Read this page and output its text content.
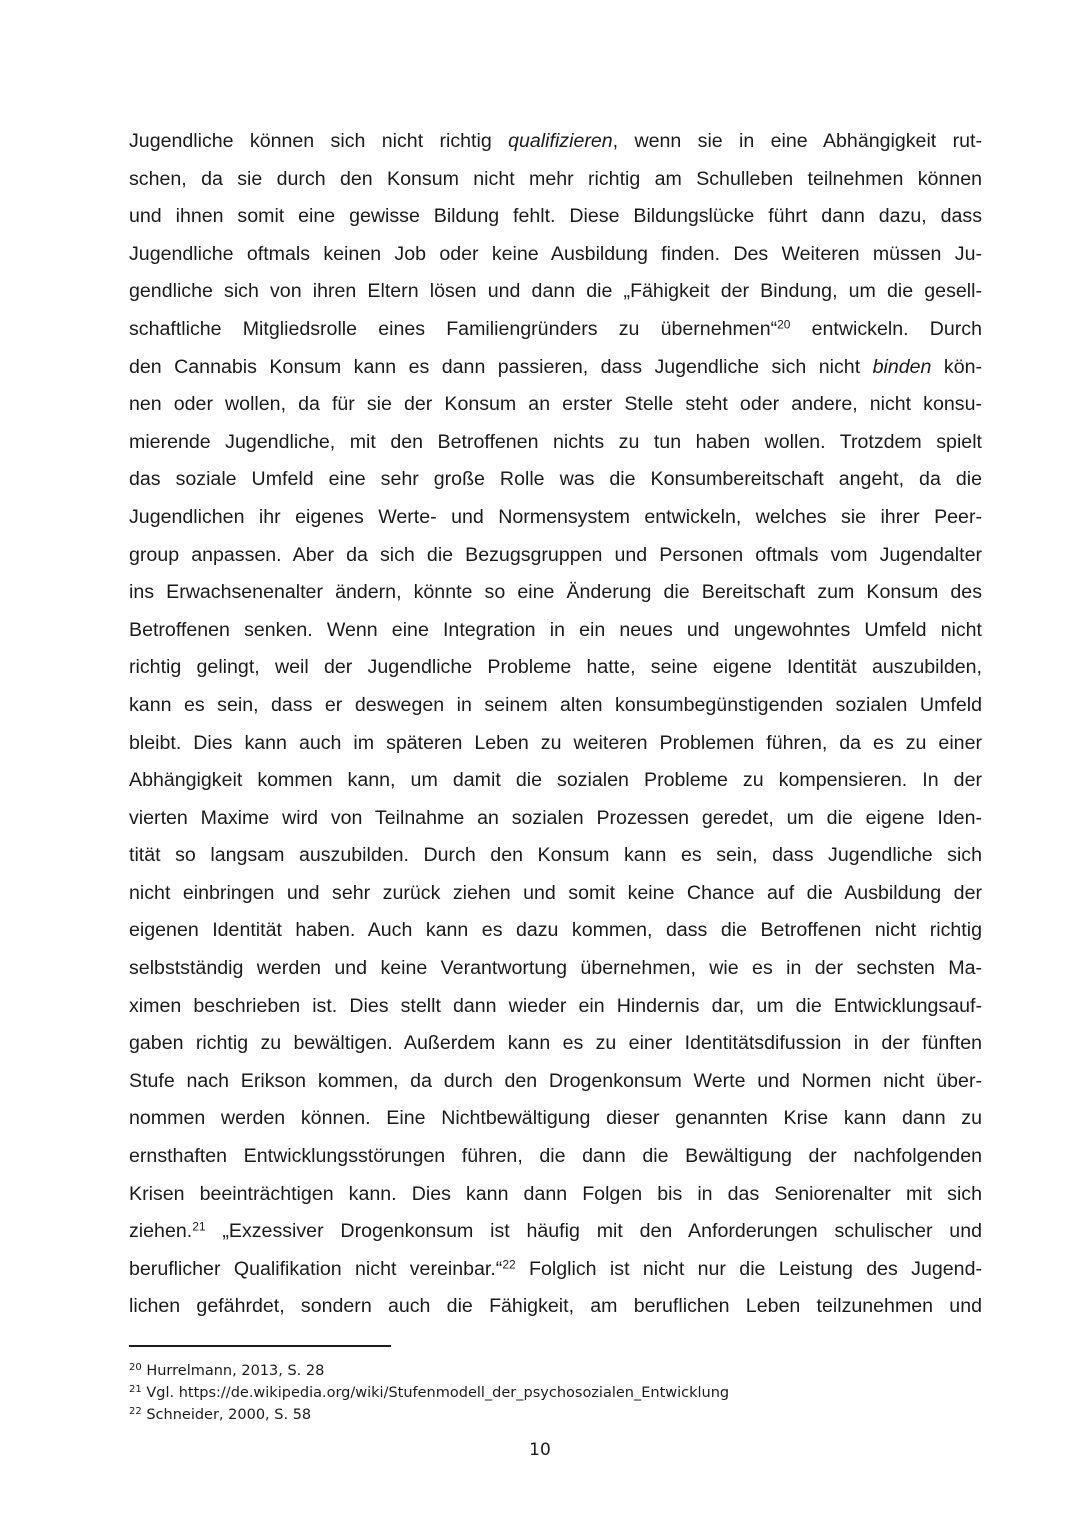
Jugendliche können sich nicht richtig qualifizieren, wenn sie in eine Abhängigkeit rut-
schen, da sie durch den Konsum nicht mehr richtig am Schulleben teilnehmen können
und ihnen somit eine gewisse Bildung fehlt. Diese Bildungslücke führt dann dazu, dass
Jugendliche oftmals keinen Job oder keine Ausbildung finden. Des Weiteren müssen Ju-
gendliche sich von ihren Eltern lösen und dann die „Fähigkeit der Bindung, um die gesell-
schaftliche Mitgliedsrolle eines Familiengründers zu übernehmen“$^{20}$ entwickeln. Durch
den Cannabis Konsum kann es dann passieren, dass Jugendliche sich nicht binden kön-
nen oder wollen, da für sie der Konsum an erster Stelle steht oder andere, nicht konsu-
mierende Jugendliche, mit den Betroffenen nichts zu tun haben wollen. Trotzdem spielt
das soziale Umfeld eine sehr große Rolle was die Konsumbereitschaft angeht, da die
Jugendlichen ihr eigenes Werte- und Normensystem entwickeln, welches sie ihrer Peer-
group anpassen. Aber da sich die Bezugsgruppen und Personen oftmals vom Jugendalter
ins Erwachsenenalter ändern, könnte so eine Änderung die Bereitschaft zum Konsum des
Betroffenen senken. Wenn eine Integration in ein neues und ungewohntes Umfeld nicht
richtig gelingt, weil der Jugendliche Probleme hatte, seine eigene Identität auszubilden,
kann es sein, dass er deswegen in seinem alten konsumbegünstigenden sozialen Umfeld
bleibt. Dies kann auch im späteren Leben zu weiteren Problemen führen, da es zu einer
Abhängigkeit kommen kann, um damit die sozialen Probleme zu kompensieren. In der
vierten Maxime wird von Teilnahme an sozialen Prozessen geredet, um die eigene Iden-
tität so langsam auszubilden. Durch den Konsum kann es sein, dass Jugendliche sich
nicht einbringen und sehr zurück ziehen und somit keine Chance auf die Ausbildung der
eigenen Identität haben. Auch kann es dazu kommen, dass die Betroffenen nicht richtig
selbstständig werden und keine Verantwortung übernehmen, wie es in der sechsten Ma-
ximen beschrieben ist. Dies stellt dann wieder ein Hindernis dar, um die Entwicklungsauf-
gaben richtig zu bewältigen. Außerdem kann es zu einer Identitätsdifussion in der fünften
Stufe nach Erikson kommen, da durch den Drogenkonsum Werte und Normen nicht über-
nommen werden können. Eine Nichtbewältigung dieser genannten Krise kann dann zu
ernsthaften Entwicklungsstörungen führen, die dann die Bewältigung der nachfolgenden
Krisen beeinträchtigen kann. Dies kann dann Folgen bis in das Seniorenalter mit sich
ziehen.$^{21}$ „Exzessiver Drogenkonsum ist häufig mit den Anforderungen schulischer und
beruflicher Qualifikation nicht vereinbar.“$^{22}$ Folglich ist nicht nur die Leistung des Jugend-
lichen gefährdet, sondern auch die Fähigkeit, am beruflichen Leben teilzunehmen und
$^{20}$ Hurrelmann, 2013, S. 28
$^{21}$ Vgl. https://de.wikipedia.org/wiki/Stufenmodell_der_psychosozialen_Entwicklung
$^{22}$ Schneider, 2000, S. 58
10
